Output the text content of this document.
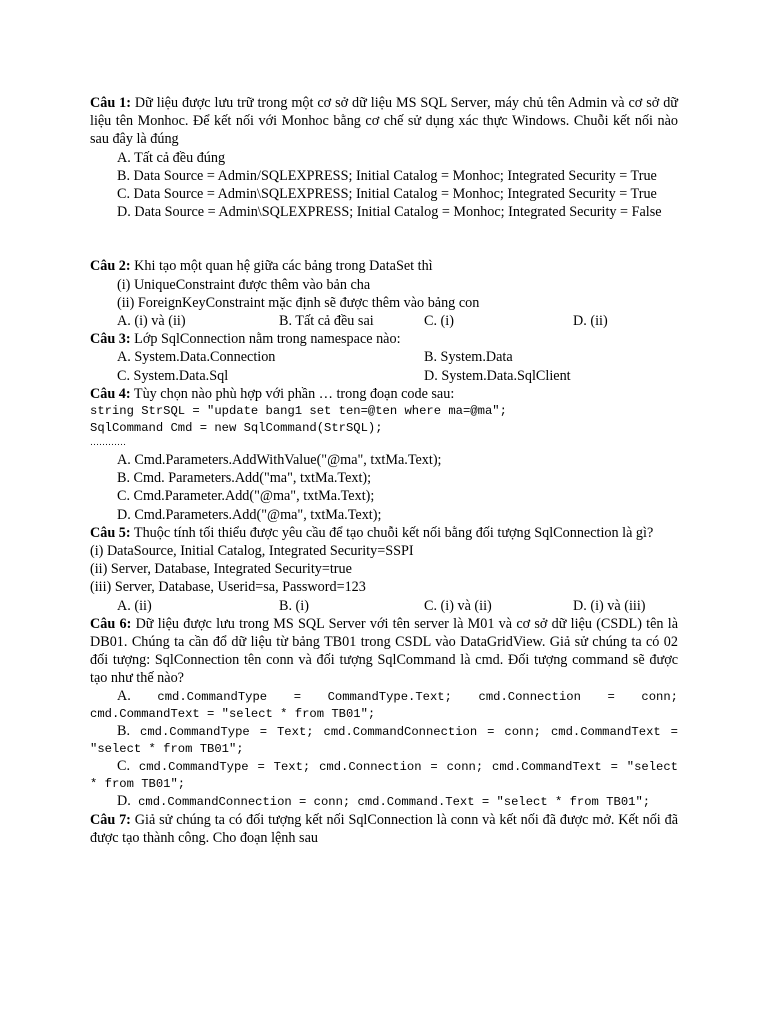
Câu 1: Dữ liệu được lưu trữ trong một cơ sở dữ liệu MS SQL Server, máy chủ tên Admin và cơ sở dữ liệu tên Monhoc. Để kết nối với Monhoc bằng cơ chế sử dụng xác thực Windows. Chuỗi kết nối nào sau đây là đúng

A. Tất cả đều đúng

B. Data Source = Admin/SQLEXPRESS; Initial Catalog = Monhoc; Integrated Security = True

C. Data Source = Admin\SQLEXPRESS; Initial Catalog = Monhoc; Integrated Security = True

D. Data Source = Admin\SQLEXPRESS; Initial Catalog = Monhoc; Integrated Security = False

Câu 2: Khi tạo một quan hệ giữa các bảng trong DataSet thì

(i) UniqueConstraint được thêm vào bản cha

(ii) ForeignKeyConstraint mặc định sẽ được thêm vào bảng con

A. (i) và (ii)	B. Tất cả đều sai	C. (i)	D. (ii)

Câu 3: Lớp SqlConnection nằm trong namespace nào:

A. System.Data.Connection	B. System.Data
C. System.Data.Sql	D. System.Data.SqlClient

Câu 4: Tùy chọn nào phù hợp với phần … trong đoạn code sau:

string StrSQL = "update bang1 set ten=@ten where ma=@ma";
SqlCommand Cmd = new SqlCommand(StrSQL);
…………

A. Cmd.Parameters.AddWithValue("@ma", txtMa.Text);

B. Cmd. Parameters.Add("ma", txtMa.Text);

C. Cmd.Parameter.Add("@ma", txtMa.Text);

D. Cmd.Parameters.Add("@ma", txtMa.Text);

Câu 5: Thuộc tính tối thiểu được yêu cầu để tạo chuỗi kết nối bằng đối tượng SqlConnection là gì?

(i) DataSource, Initial Catalog, Integrated Security=SSPI

(ii) Server, Database, Integrated Security=true

(iii) Server, Database, Userid=sa, Password=123

A. (ii)	B. (i)	C. (i) và (ii)	D. (i) và (iii)

Câu 6: Dữ liệu được lưu trong MS SQL Server với tên server là M01 và cơ sở dữ liệu (CSDL) tên là DB01. Chúng ta cần đổ dữ liệu từ bảng TB01 trong CSDL vào DataGridView. Giả sử chúng ta có 02 đối tượng: SqlConnection tên conn và đối tượng SqlCommand là cmd. Đối tượng command sẽ được tạo như thế nào?

A. cmd.CommandType = CommandType.Text; cmd.Connection = conn; cmd.CommandText = "select * from TB01";

B. cmd.CommandType = Text; cmd.CommandConnection = conn; cmd.CommandText = "select * from TB01";

C. cmd.CommandType = Text; cmd.Connection = conn; cmd.CommandText = "select * from TB01";

D. cmd.CommandConnection = conn; cmd.Command.Text = "select * from TB01";

Câu 7: Giả sử chúng ta có đối tượng kết nối SqlConnection là conn và kết nối đã được mở. Kết nối đã được tạo thành công. Cho đoạn lệnh sau
